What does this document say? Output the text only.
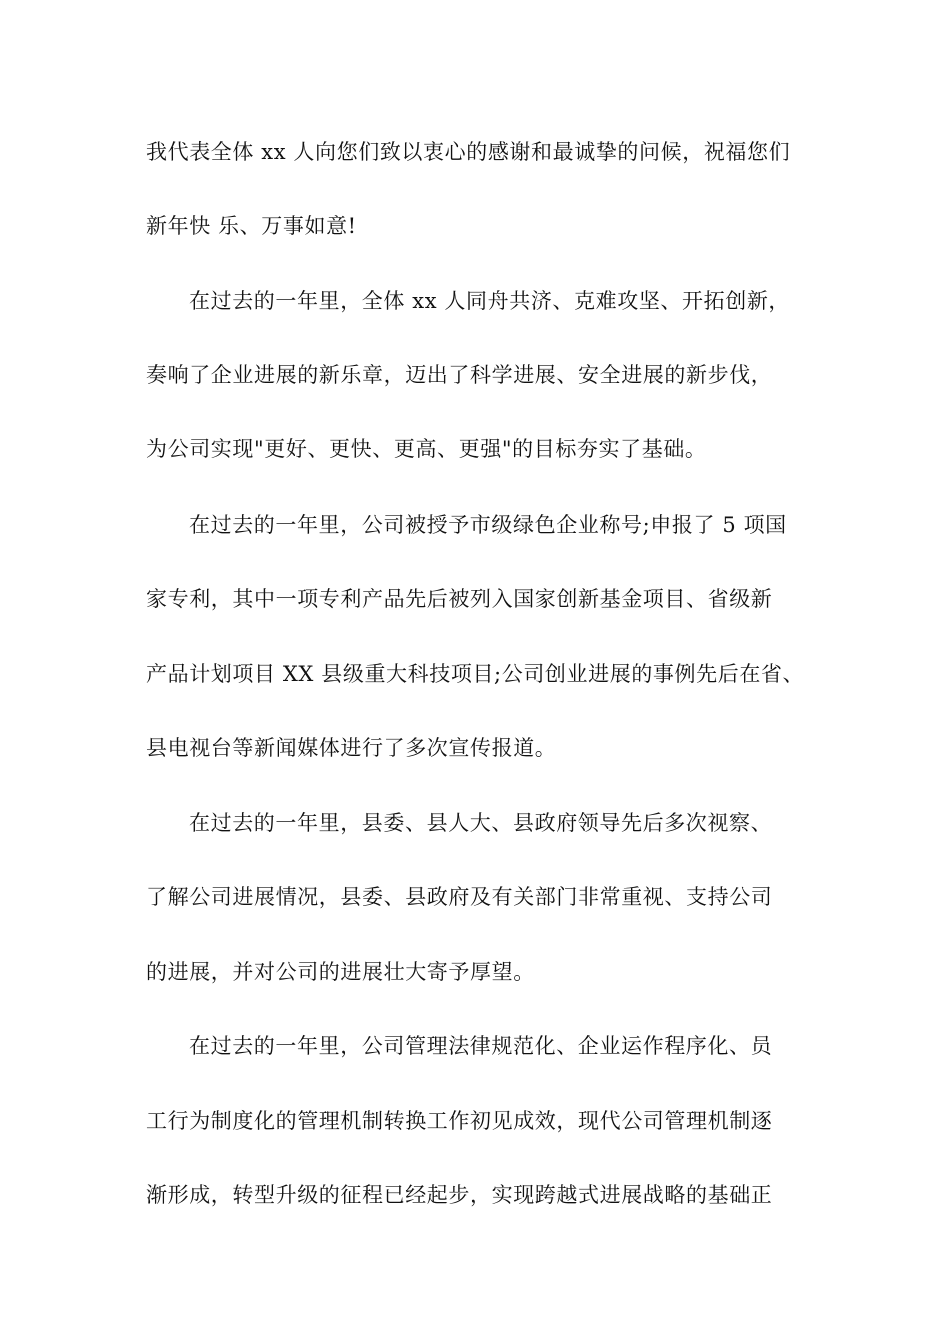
我代表全体 xx 人向您们致以衷心的感谢和最诚挚的问候，祝福您们
新年快 乐、万事如意!
在过去的一年里，全体 xx 人同舟共济、克难攻坚、开拓创新，
奏响了企业进展的新乐章，迈出了科学进展、安全进展的新步伐，
为公司实现"更好、更快、更高、更强"的目标夯实了基础。
在过去的一年里，公司被授予市级绿色企业称号;申报了 5 项国
家专利，其中一项专利产品先后被列入国家创新基金项目、省级新
产品计划项目 XX 县级重大科技项目;公司创业进展的事例先后在省、
县电视台等新闻媒体进行了多次宣传报道。
在过去的一年里，县委、县人大、县政府领导先后多次视察、
了解公司进展情况，县委、县政府及有关部门非常重视、支持公司
的进展，并对公司的进展壮大寄予厚望。
在过去的一年里，公司管理法律规范化、企业运作程序化、员
工行为制度化的管理机制转换工作初见成效，现代公司管理机制逐
渐形成，转型升级的征程已经起步，实现跨越式进展战略的基础正
